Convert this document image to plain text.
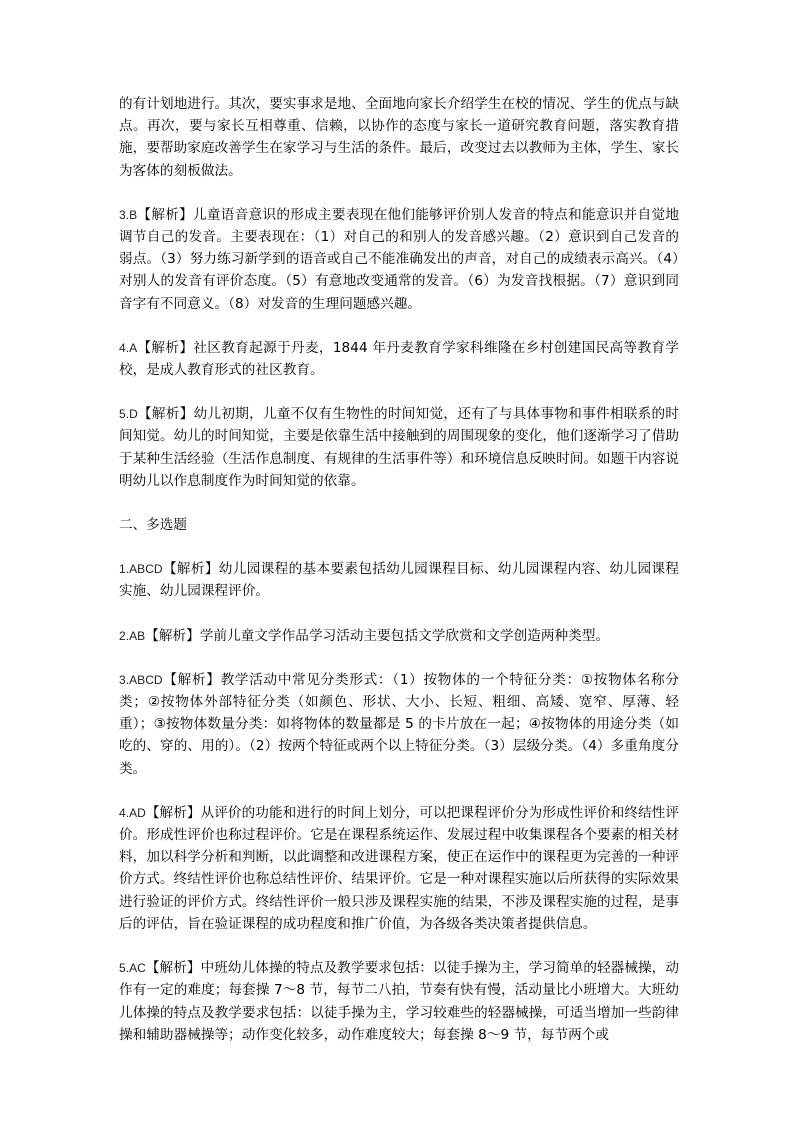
的有计划地进行。其次，要实事求是地、全面地向家长介绍学生在校的情况、学生的优点与缺点。再次，要与家长互相尊重、信赖，以协作的态度与家长一道研究教育问题，落实教育措施，要帮助家庭改善学生在家学习与生活的条件。最后，改变过去以教师为主体，学生、家长为客体的刻板做法。

3.B【解析】儿童语音意识的形成主要表现在他们能够评价别人发音的特点和能意识并自觉地调节自己的发音。主要表现在：（1）对自己的和别人的发音感兴趣。（2）意识到自己发音的弱点。（3）努力练习新学到的语音或自己不能准确发出的声音，对自己的成绩表示高兴。（4）对别人的发音有评价态度。（5）有意地改变通常的发音。（6）为发音找根据。（7）意识到同音字有不同意义。（8）对发音的生理问题感兴趣。

4.A【解析】社区教育起源于丹麦，1844 年丹麦教育学家科维隆在乡村创建国民高等教育学校，是成人教育形式的社区教育。

5.D【解析】幼儿初期，儿童不仅有生物性的时间知觉，还有了与具体事物和事件相联系的时间知觉。幼儿的时间知觉，主要是依靠生活中接触到的周围现象的变化，他们逐渐学习了借助于某种生活经验（生活作息制度、有规律的生活事件等）和环境信息反映时间。如题干内容说明幼儿以作息制度作为时间知觉的依靠。

二、多选题

1.ABCD【解析】幼儿园课程的基本要素包括幼儿园课程目标、幼儿园课程内容、幼儿园课程实施、幼儿园课程评价。

2.AB【解析】学前儿童文学作品学习活动主要包括文学欣赏和文学创造两种类型。

3.ABCD【解析】教学活动中常见分类形式：（1）按物体的一个特征分类：①按物体名称分类；②按物体外部特征分类（如颜色、形状、大小、长短、粗细、高矮、宽窄、厚薄、轻重）；③按物体数量分类：如将物体的数量都是 5 的卡片放在一起；④按物体的用途分类（如吃的、穿的、用的）。（2）按两个特征或两个以上特征分类。（3）层级分类。（4）多重角度分类。

4.AD【解析】从评价的功能和进行的时间上划分，可以把课程评价分为形成性评价和终结性评价。形成性评价也称过程评价。它是在课程系统运作、发展过程中收集课程各个要素的相关材料，加以科学分析和判断，以此调整和改进课程方案，使正在运作中的课程更为完善的一种评价方式。终结性评价也称总结性评价、结果评价。它是一种对课程实施以后所获得的实际效果进行验证的评价方式。终结性评价一般只涉及课程实施的结果，不涉及课程实施的过程，是事后的评估，旨在验证课程的成功程度和推广价值，为各级各类决策者提供信息。

5.AC【解析】中班幼儿体操的特点及教学要求包括：以徒手操为主，学习简单的轻器械操，动作有一定的难度；每套操 7～8 节，每节二八拍，节奏有快有慢，活动量比小班增大。大班幼儿体操的特点及教学要求包括：以徒手操为主，学习较难些的轻器械操，可适当增加一些韵律操和辅助器械操等；动作变化较多，动作难度较大；每套操 8～9 节，每节两个或
